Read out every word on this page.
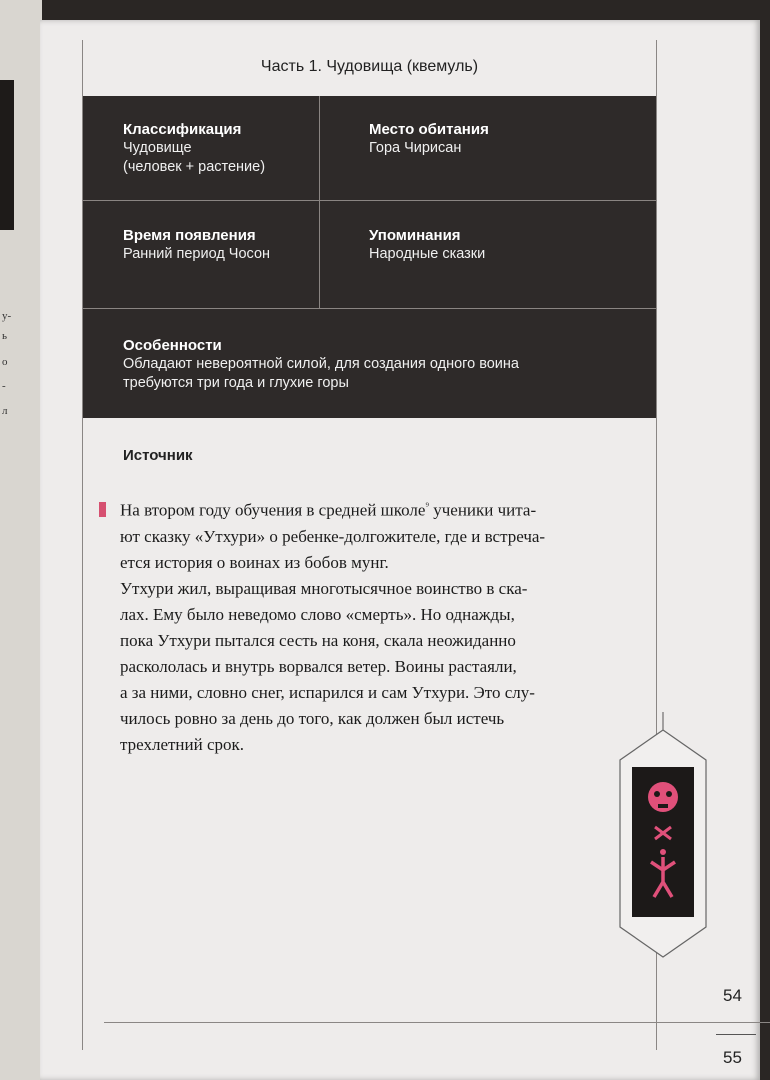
у-
ь
о
-
л
Часть 1. Чудовища (квемуль)
Классификация
Чудовище
(человек + растение)
Место обитания
Гора Чирисан
Время появления
Ранний период Чосон
Упоминания
Народные сказки
Особенности
Обладают невероятной силой, для создания одного воина
требуются три года и глухие горы
Источник

На втором году обучения в средней школе$^{^9}$ ученики чита-

ют сказку «Утхури» о ребенке-долгожителе, где и встреча-

ется история о воинах из бобов мунг.

Утхури жил, выращивая многотысячное воинство в ска-

лах. Ему было неведомо слово «смерть». Но однажды,

пока Утхури пытался сесть на коня, скала неожиданно

раскололась и внутрь ворвался ветер. Воины растаяли,

а за ними, словно снег, испарился и сам Утхури. Это слу-

чилось ровно за день до того, как должен был истечь

трехлетний срок.

54
55
